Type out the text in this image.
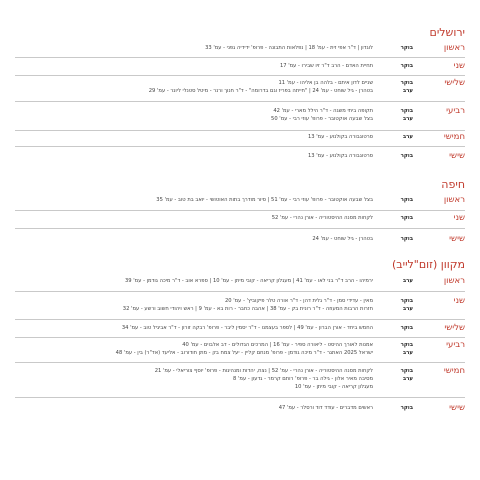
ירושלים
ראשון
בוקר
לוגדון | ד"ר אפי זית - עמ' 18 | נפלאות התבונה - פרופ' ידידיה גפני - עמ' 33
שני
בוקר
תחיית האדם - הרב ד"ר זיו שבירו - עמ' 17
שלישי
בוקר
שניים לדון איתם - בלהה בן אליהו - עמ' 11
ערב
בטהרן - גיל שוחט - עמ' 24 | "חייתה בפריז וגם בדרומה" - ד"ר חנוך ורנר - מיטל סטנלי ליונר - עמ' 29
רביעי
בוקר
תקופה ביתי משגה - ד"ר הילל מארי - עמ' 42
ערב
בצל שבעה אוקטובר - פרופ' עוזי רבי - עמ' 50
חמישי
ערב
סרטוגבורה בקולנוע - עמ' 13
שישי
בוקר
סרטוגבורה בקולנוע - עמ' 13
חיפה
ראשון
בוקר
בצל שבעה אוקטובר - פרופ' עוזי רבי - עמ' 51 | סיור מודרך בתות האוטושי - יואב בת טוב - עמ' 35
שני
בוקר
לקחות מסנה ההיסטוריה - אורן נהרי - עמ' 52
שישי
בוקר
בטהרן - גיל שוחט - עמ' 24
מקוון (זום"לייב)
ראשון
ערב
ירמיהו - הרב ד"ר בני לאו - עמ' 41 | מעגלון קריאה - קובי מיתן - עמ' 10 | ספרא אוב - ד"ר מיכה גודמן - עמ' 39
שני
בוקר
מאין - עדידי סמן - ד"ר גלית דהן - ד"ר אורה טלר פיקוביץ' - עמ' 20
ערב
חזרות הרבות המעוזה - ד"ר רונית בק - עמ' 38 | אהבה כחבר - רות בא - עמ' 9 | ראש ויהודי חשוב ורשע - עמ' 32
שלישי
בוקר
החמש ביחד - אורן הברון - עמ' 49 | לספר בעצמנו - ד"ר יסמין ליבר - פרופ' רבקה זורון - ד"ר אביגיל טוב - עמ' 34
רביעי
בוקר
אמנות לאורך ההיסט - ליאורה ספיר - עמ' 16 | המרכים הגדולים - דב אלבוים - עמ' 40
ערב
ישראל 2025 האתגר - ד"ר מיכה גודמן - פרופ' מנחם קליין - יעל צמח בק - מתן חודורוב - אליעד (אד"ר) בין - עמ' 48
חמישי
בוקר
לקחות מסנה ההיסטוריה - אורן נהרי - עמ' 52 | נצח, יהדות ומנהיגות - פרופ' יוסף צוריאלי - עמ' 21
ערב
מסיבה מאיר אלון - גילה בר - פרופ' רותם קרמר - גדעון - עמ' 8
מעגלון קריאה - קובי מיתן - עמ' 10
שישי
בוקר
ראשים מדברים - עודד דוד ורסלר - עמ' 47
